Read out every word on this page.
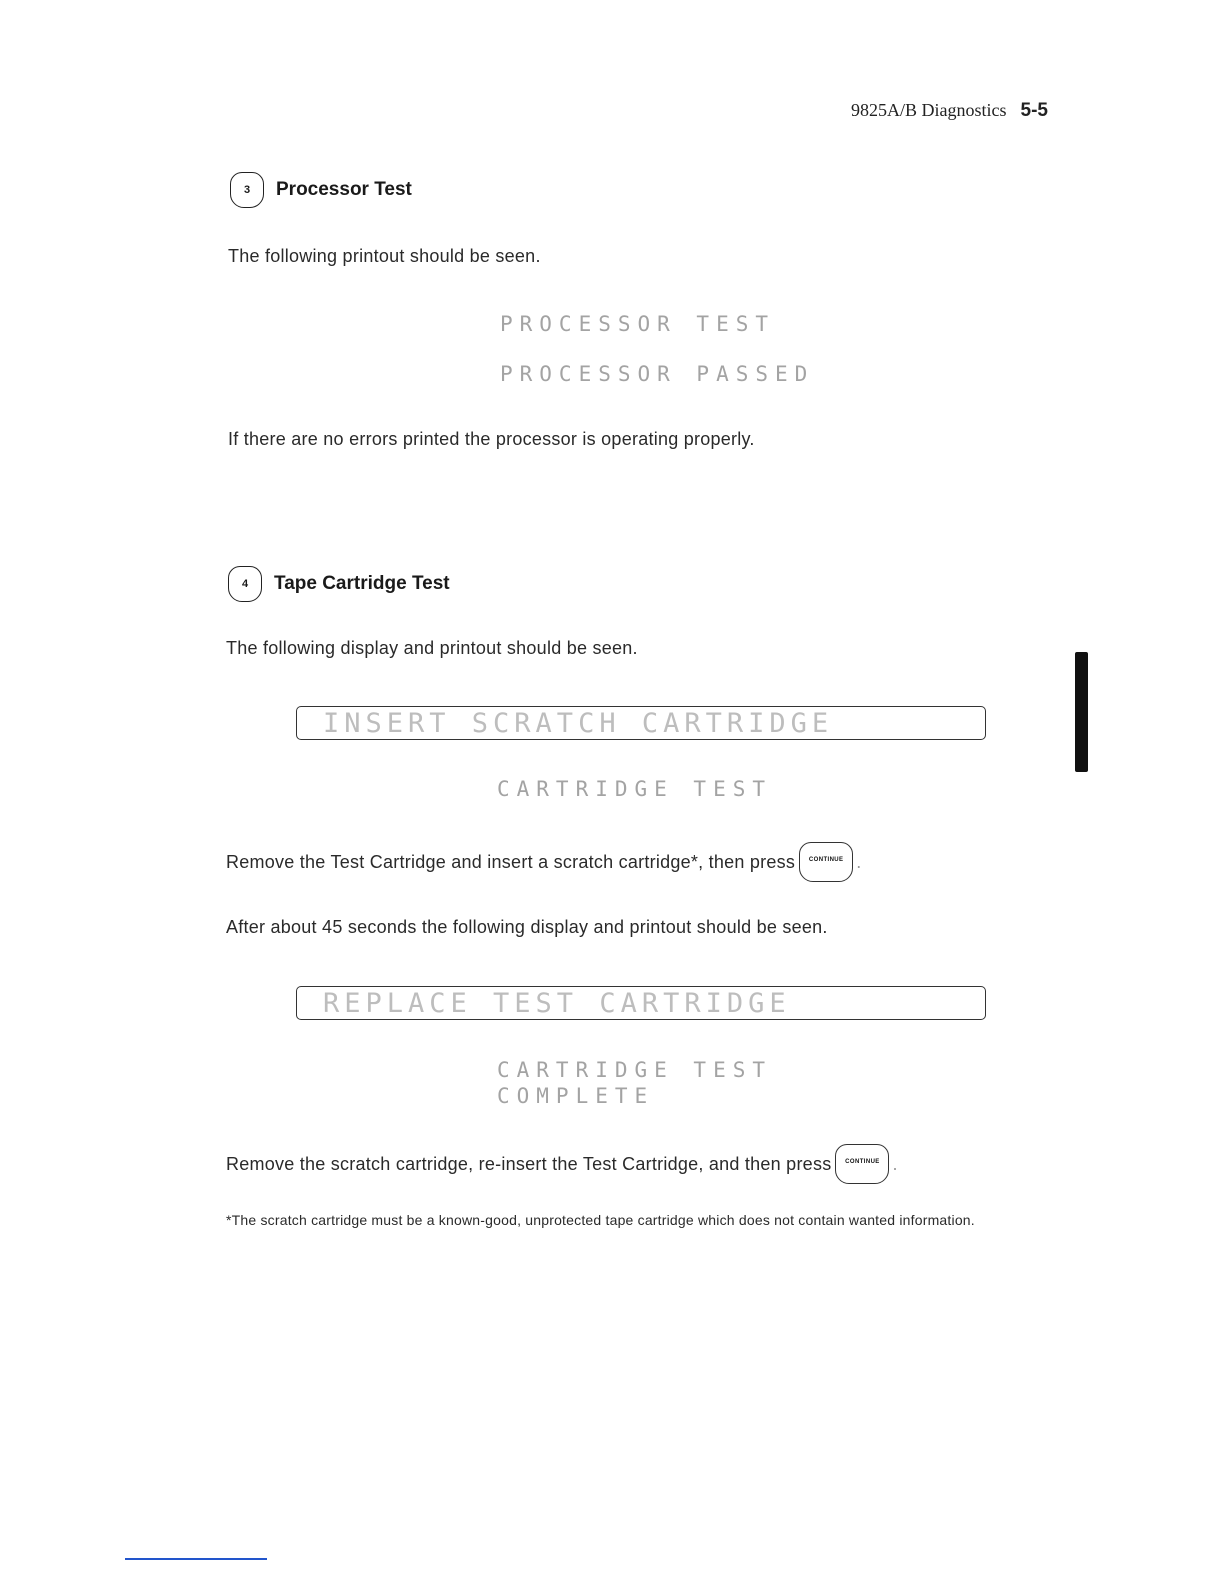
9825A/B Diagnostics 5-5
3 Processor Test
The following printout should be seen.
PROCESSOR TEST
PROCESSOR PASSED
If there are no errors printed the processor is operating properly.
4 Tape Cartridge Test
The following display and printout should be seen.
INSERT SCRATCH CARTRIDGE
CARTRIDGE TEST
Remove the Test Cartridge and insert a scratch cartridge*, then press	CONTINUE .
After about 45 seconds the following display and printout should be seen.
REPLACE TEST CARTRIDGE
CARTRIDGE TEST
COMPLETE
Remove the scratch cartridge, re-insert the Test Cartridge, and then press	CONTINUE .
*The scratch cartridge must be a known-good, unprotected tape cartridge which does not contain wanted information.
